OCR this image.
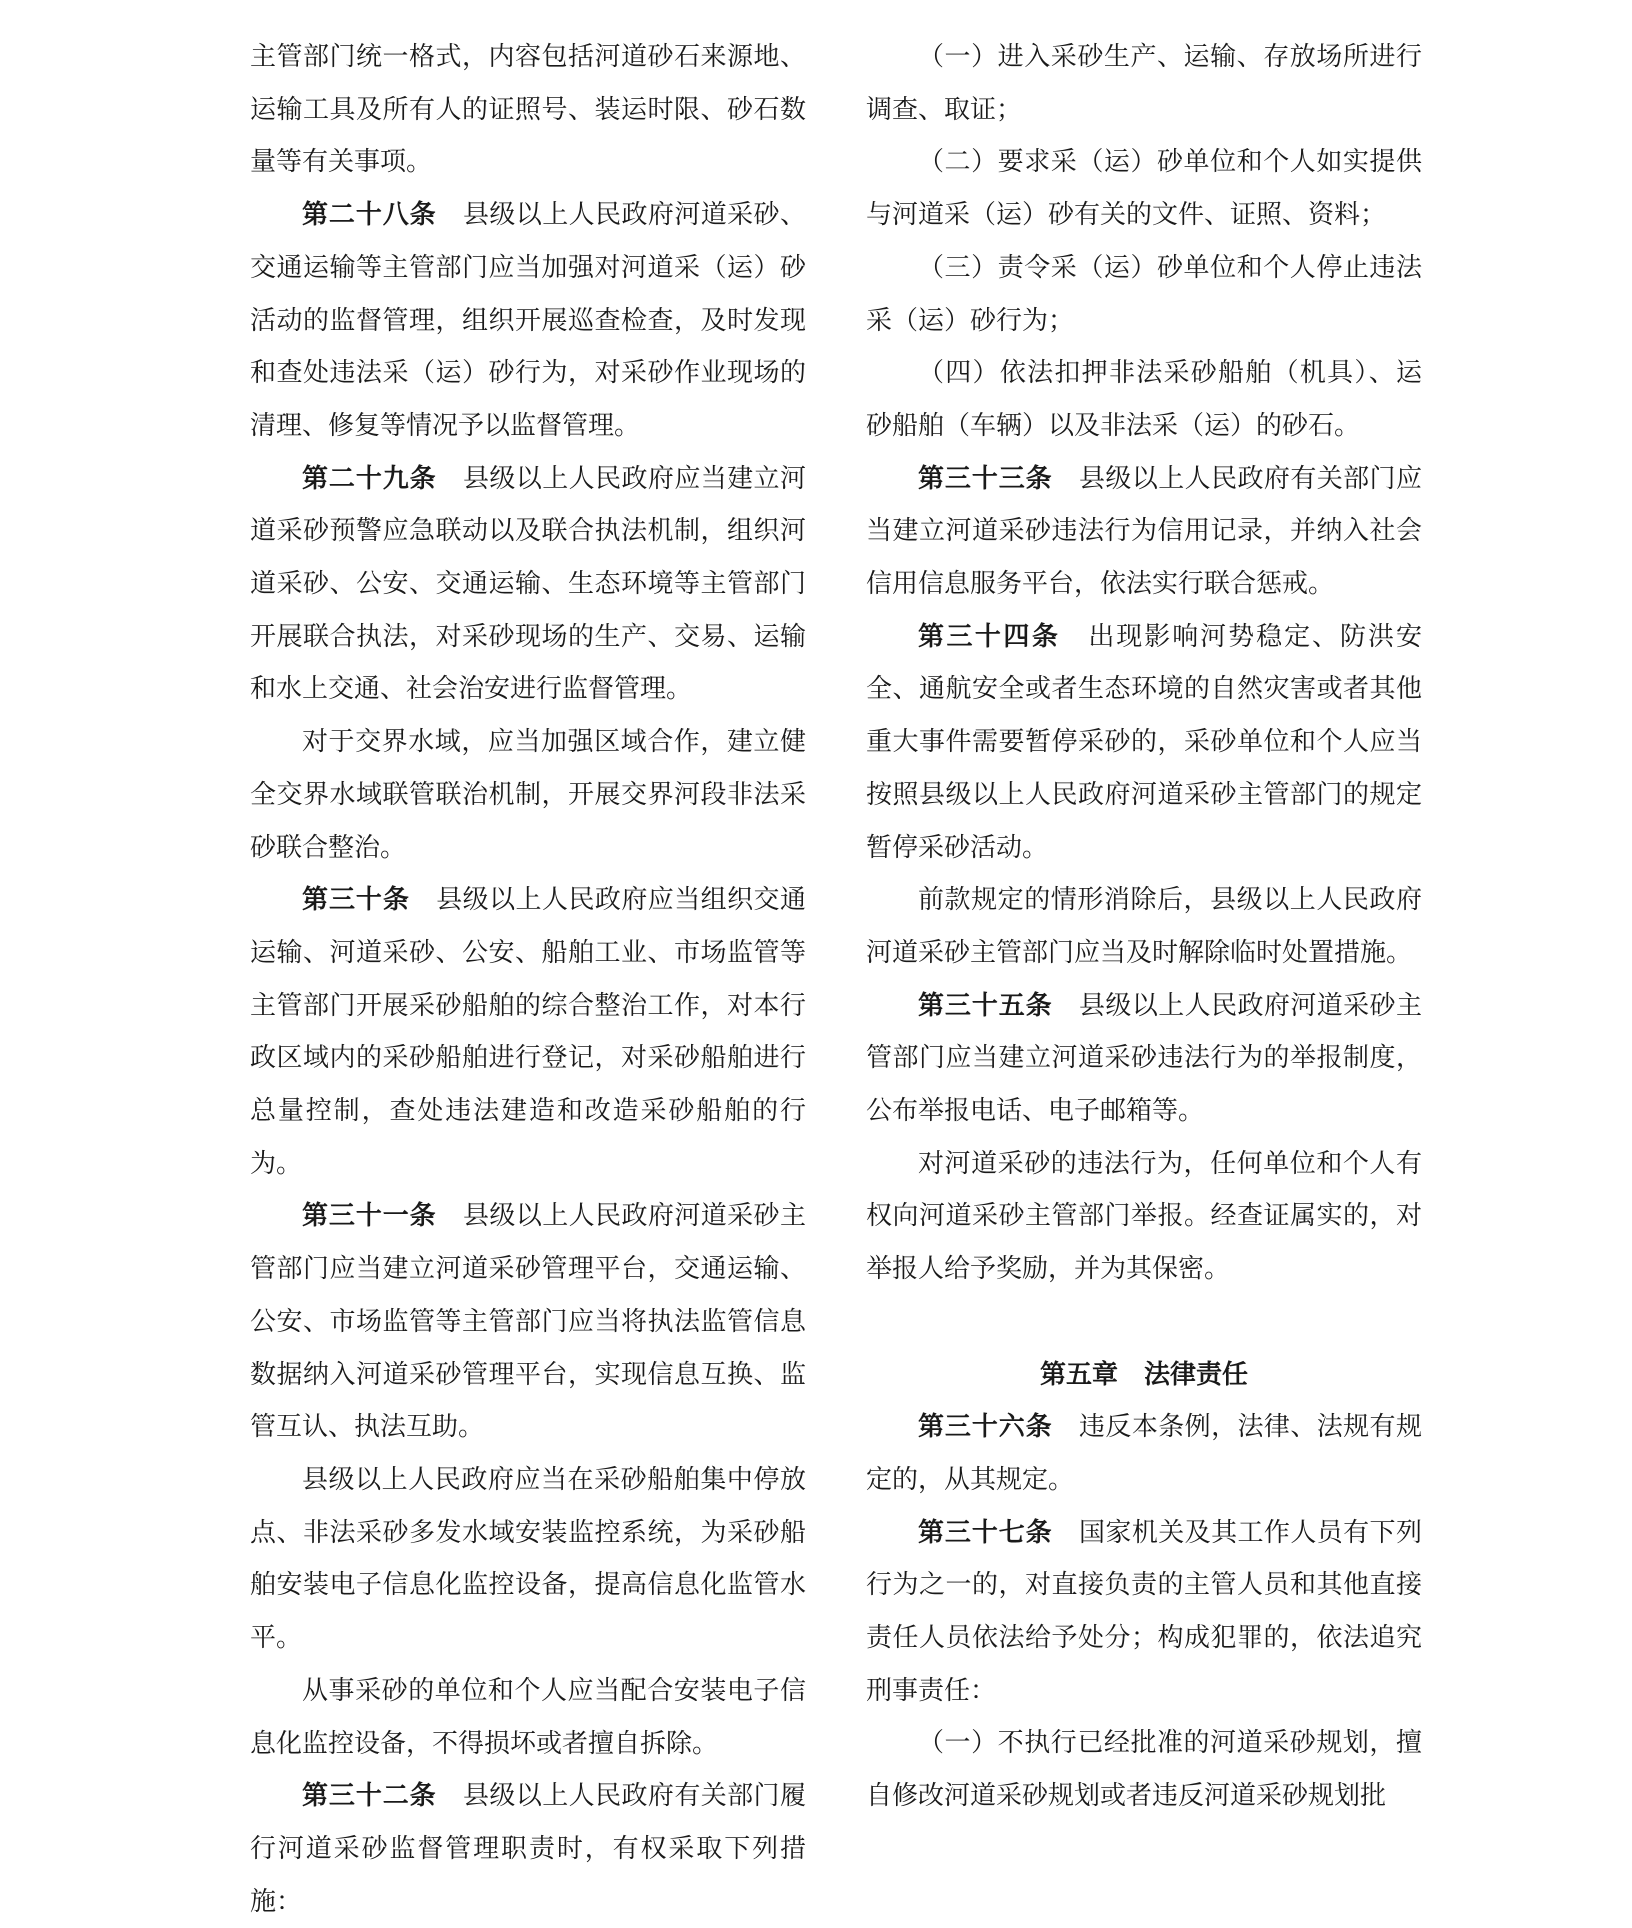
主管部门统一格式，内容包括河道砂石来源地、运输工具及所有人的证照号、装运时限、砂石数量等有关事项。

第二十八条　 县级以上人民政府河道采砂、交通运输等主管部门应当加强对河道采（运）砂活动的监督管理，组织开展巡查检查，及时发现和查处违法采（运）砂行为，对采砂作业现场的清理、修复等情况予以监督管理。

第二十九条　 县级以上人民政府应当建立河道采砂预警应急联动以及联合执法机制，组织河道采砂、公安、交通运输、生态环境等主管部门开展联合执法，对采砂现场的生产、交易、运输和水上交通、社会治安进行监督管理。

对于交界水域，应当加强区域合作，建立健全交界水域联管联治机制，开展交界河段非法采砂联合整治。

第三十条　 县级以上人民政府应当组织交通运输、河道采砂、公安、船舶工业、市场监管等主管部门开展采砂船舶的综合整治工作，对本行政区域内的采砂船舶进行登记，对采砂船舶进行总量控制，查处违法建造和改造采砂船舶的行为。

第三十一条　 县级以上人民政府河道采砂主管部门应当建立河道采砂管理平台，交通运输、公安、市场监管等主管部门应当将执法监管信息数据纳入河道采砂管理平台，实现信息互换、监管互认、执法互助。

县级以上人民政府应当在采砂船舶集中停放点、非法采砂多发水域安装监控系统，为采砂船舶安装电子信息化监控设备，提高信息化监管水平。

从事采砂的单位和个人应当配合安装电子信息化监控设备，不得损坏或者擅自拆除。

第三十二条　 县级以上人民政府有关部门履行河道采砂监督管理职责时，有权采取下列措施：

（一）进入采砂生产、运输、存放场所进行调查、取证；

（二）要求采（运）砂单位和个人如实提供与河道采（运）砂有关的文件、证照、资料；

（三）责令采（运）砂单位和个人停止违法采（运）砂行为；

（四）依法扣押非法采砂船舶（机具）、运砂船舶（车辆）以及非法采（运）的砂石。

第三十三条　 县级以上人民政府有关部门应当建立河道采砂违法行为信用记录，并纳入社会信用信息服务平台，依法实行联合惩戒。

第三十四条　 出现影响河势稳定、防洪安全、通航安全或者生态环境的自然灾害或者其他重大事件需要暂停采砂的，采砂单位和个人应当按照县级以上人民政府河道采砂主管部门的规定暂停采砂活动。

前款规定的情形消除后，县级以上人民政府河道采砂主管部门应当及时解除临时处置措施。

第三十五条　 县级以上人民政府河道采砂主管部门应当建立河道采砂违法行为的举报制度，公布举报电话、电子邮箱等。

对河道采砂的违法行为，任何单位和个人有权向河道采砂主管部门举报。经查证属实的，对举报人给予奖励，并为其保密。

第五章　法律责任

第三十六条　 违反本条例，法律、法规有规定的，从其规定。

第三十七条　 国家机关及其工作人员有下列行为之一的，对直接负责的主管人员和其他直接责任人员依法给予处分；构成犯罪的，依法追究刑事责任：

（一）不执行已经批准的河道采砂规划，擅自修改河道采砂规划或者违反河道采砂规划批
